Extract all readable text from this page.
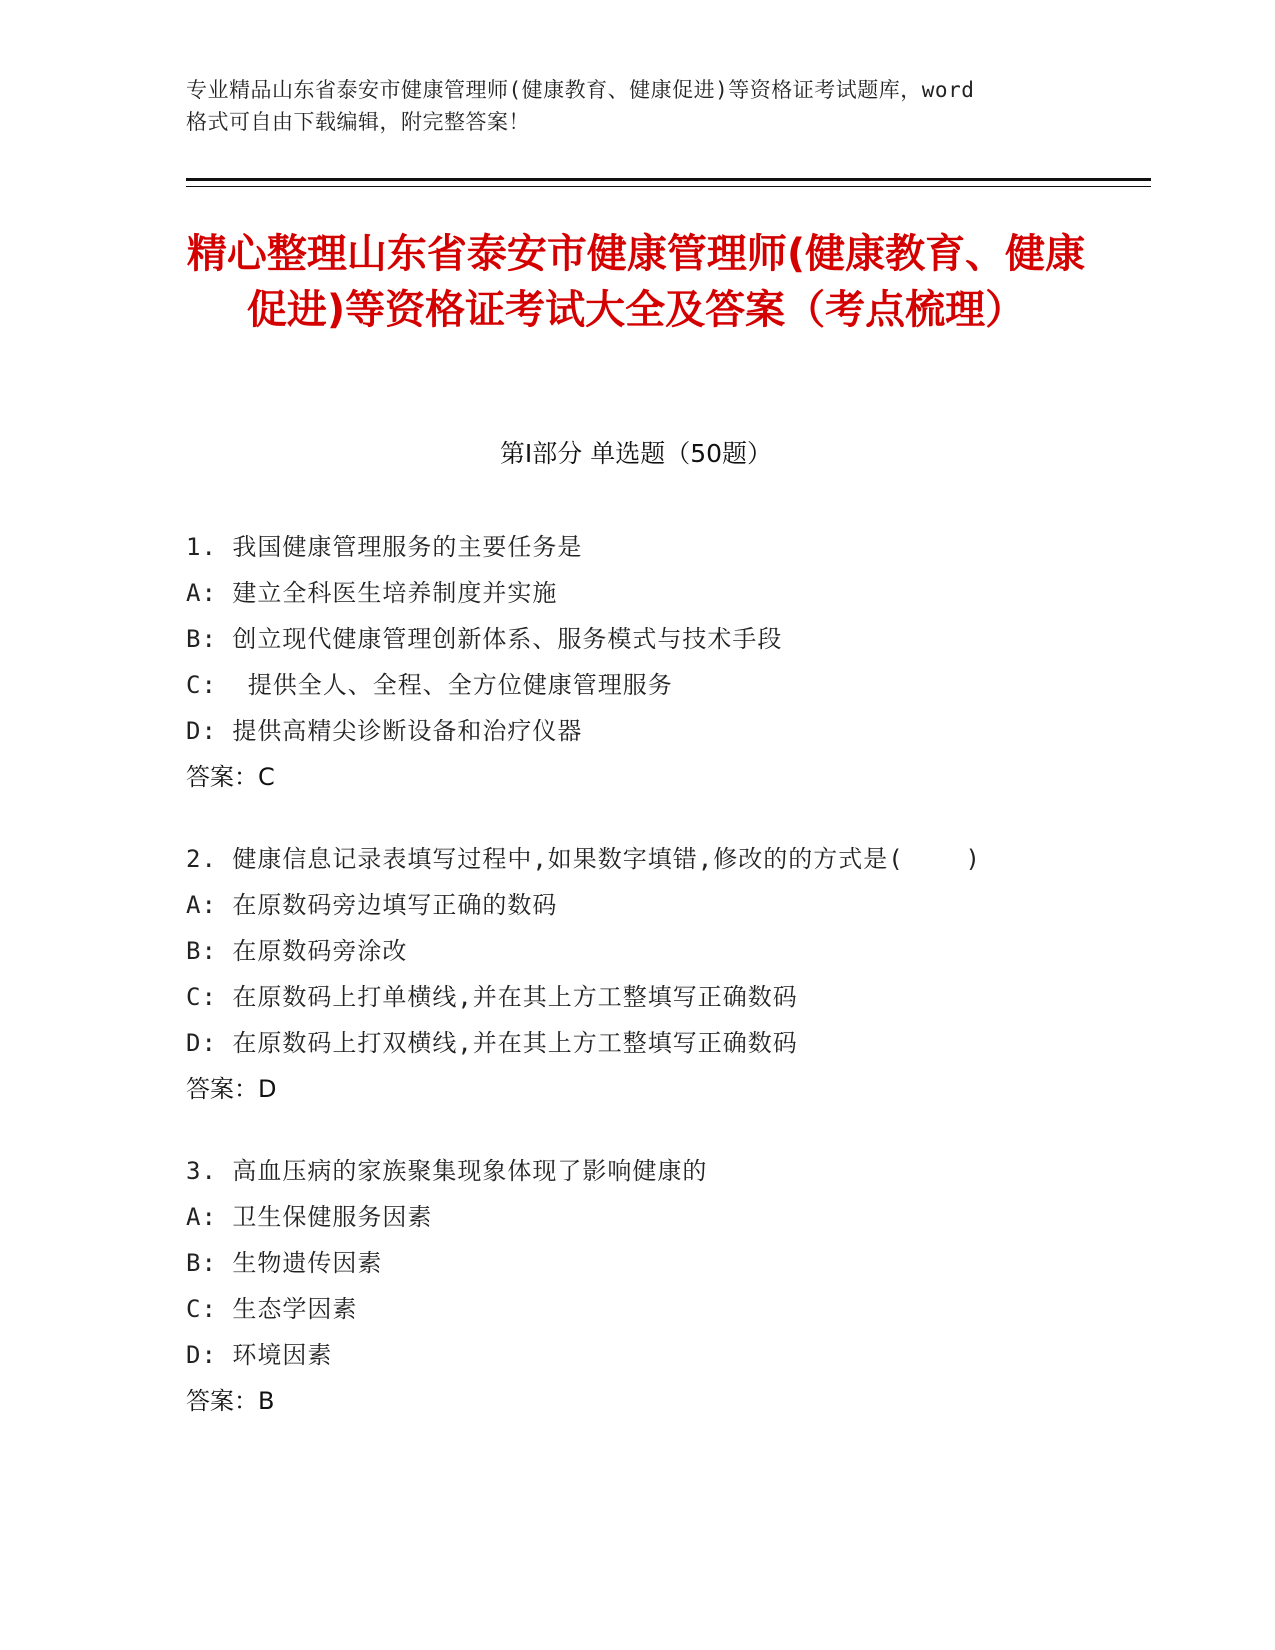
专业精品山东省泰安市健康管理师(健康教育、健康促进)等资格证考试题库，word
格式可自由下载编辑，附完整答案！
精心整理山东省泰安市健康管理师(健康教育、健康促进)等资格证考试大全及答案（考点梳理）
第Ⅰ部分 单选题（50题）
1. 我国健康管理服务的主要任务是
A: 建立全科医生培养制度并实施
B: 创立现代健康管理创新体系、服务模式与技术手段
C:  提供全人、全程、全方位健康管理服务
D: 提供高精尖诊断设备和治疗仪器
答案：C
2. 健康信息记录表填写过程中,如果数字填错,修改的的方式是(    )
A: 在原数码旁边填写正确的数码
B: 在原数码旁涂改
C: 在原数码上打单横线,并在其上方工整填写正确数码
D: 在原数码上打双横线,并在其上方工整填写正确数码
答案：D
3. 高血压病的家族聚集现象体现了影响健康的
A: 卫生保健服务因素
B: 生物遗传因素
C: 生态学因素
D: 环境因素
答案：B
